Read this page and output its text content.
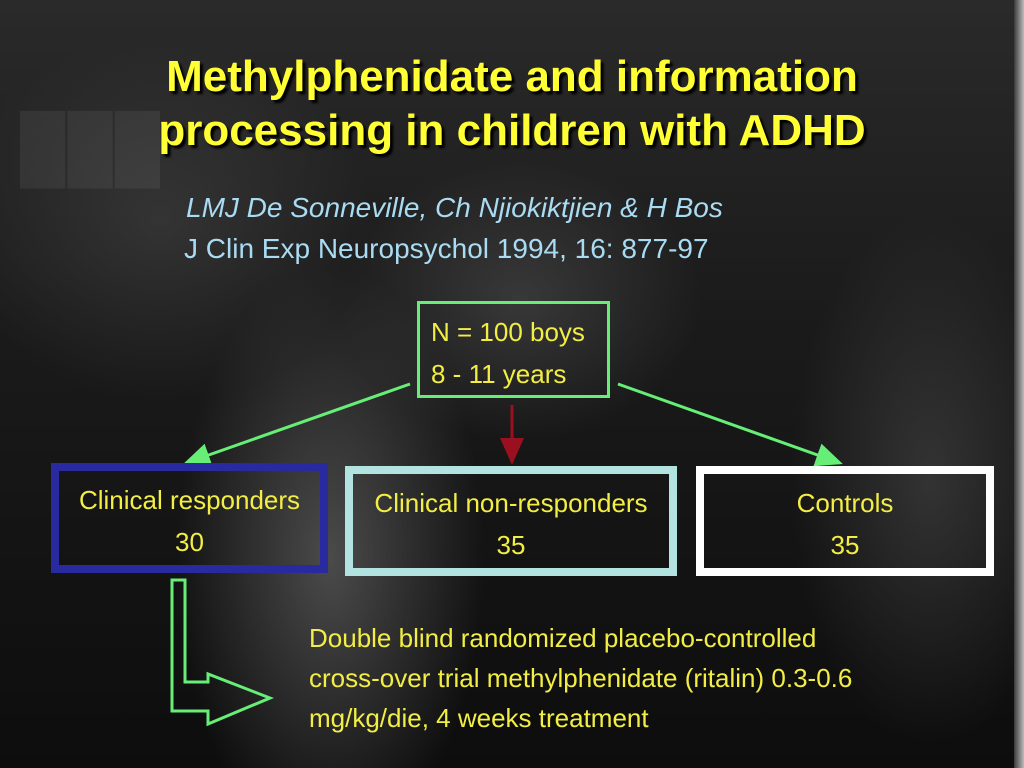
███
Methylphenidate and information
processing in children with ADHD
LMJ De Sonneville, Ch Njiokiktjien & H Bos
J Clin Exp Neuropsychol 1994, 16: 877-97
N = 100 boys
8 - 11 years
Clinical responders
30
Clinical non-responders
35
Controls
35
Double blind randomized placebo-controlled
cross-over trial methylphenidate (ritalin) 0.3-0.6
mg/kg/die, 4 weeks treatment
